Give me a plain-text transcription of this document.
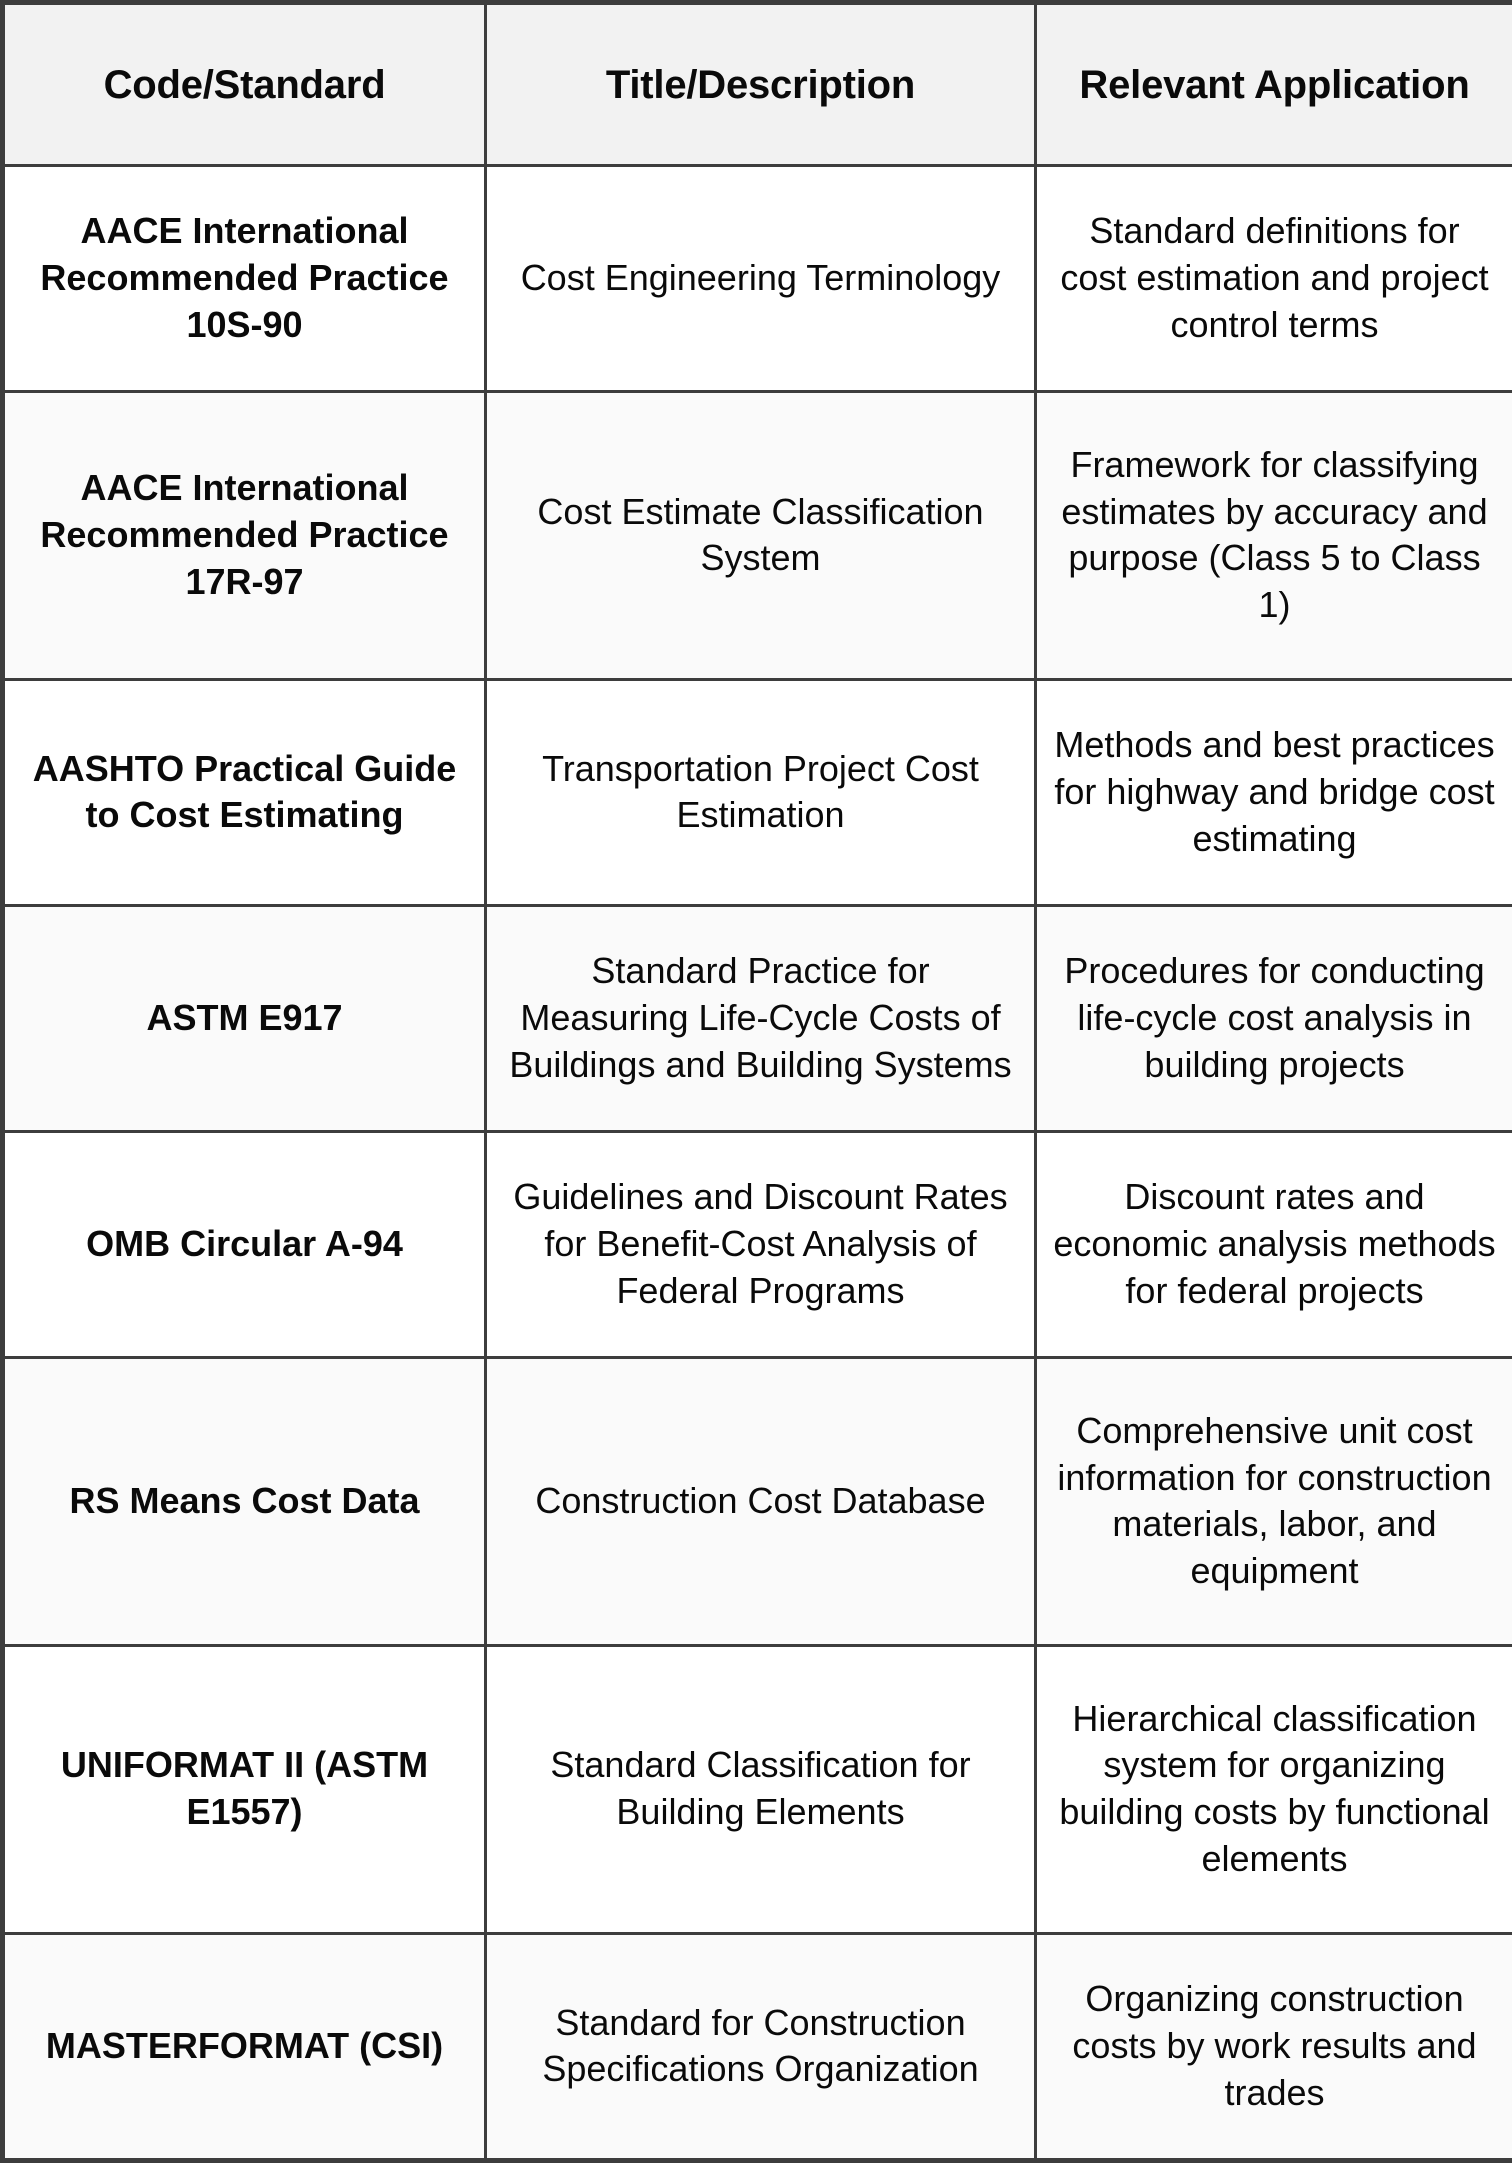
Code/Standard	Title/Description	Relevant Application
AACE International Recommended Practice 10S-90	Cost Engineering Terminology	Standard definitions for cost estimation and project control terms
AACE International Recommended Practice 17R-97	Cost Estimate Classification System	Framework for classifying estimates by accuracy and purpose (Class 5 to Class 1)
AASHTO Practical Guide to Cost Estimating	Transportation Project Cost Estimation	Methods and best practices for highway and bridge cost estimating
ASTM E917	Standard Practice for Measuring Life-Cycle Costs of Buildings and Building Systems	Procedures for conducting life-cycle cost analysis in building projects
OMB Circular A-94	Guidelines and Discount Rates for Benefit-Cost Analysis of Federal Programs	Discount rates and economic analysis methods for federal projects
RS Means Cost Data	Construction Cost Database	Comprehensive unit cost information for construction materials, labor, and equipment
UNIFORMAT II (ASTM E1557)	Standard Classification for Building Elements	Hierarchical classification system for organizing building costs by functional elements
MASTERFORMAT (CSI)	Standard for Construction Specifications Organization	Organizing construction costs by work results and trades
